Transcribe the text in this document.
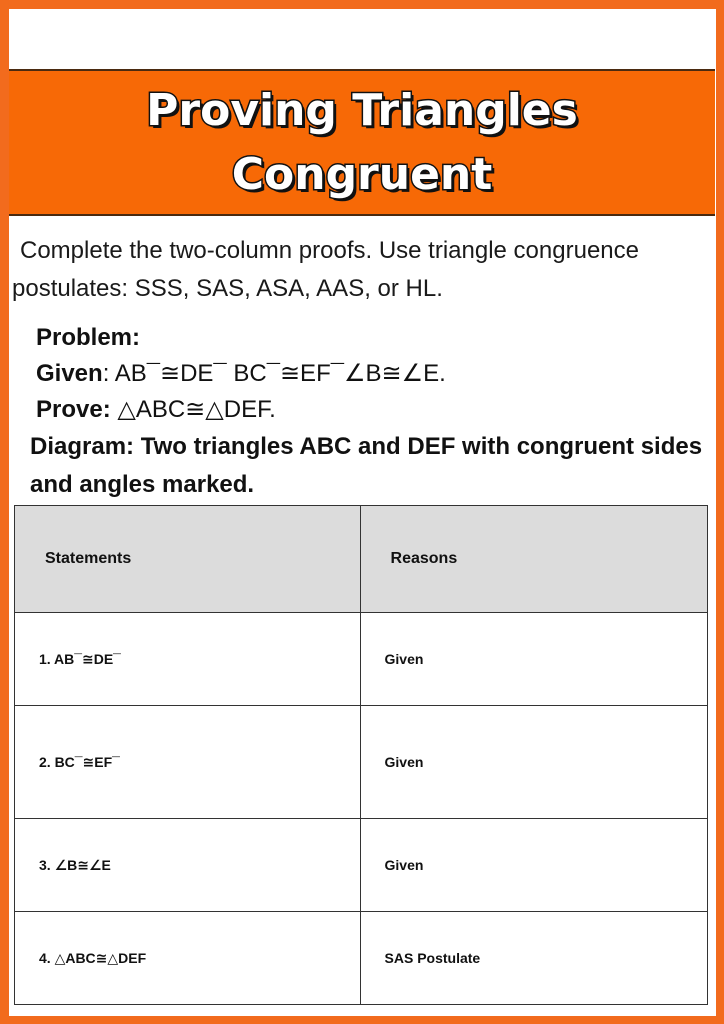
Proving Triangles Congruent

Complete the two-column proofs. Use triangle congruence postulates: SSS, SAS, ASA, AAS, or HL.

Problem:
Given: AB¯≅DE¯ BC¯≅EF¯∠B≅∠E.
Prove: △ABC≅△DEF.
Diagram: Two triangles ABC and DEF with congruent sides and angles marked.
Statements	Reasons
1. AB¯≅DE¯	Given
2. BC¯≅EF¯	Given
3. ∠B≅∠E	Given
4. △ABC≅△DEF	SAS Postulate
